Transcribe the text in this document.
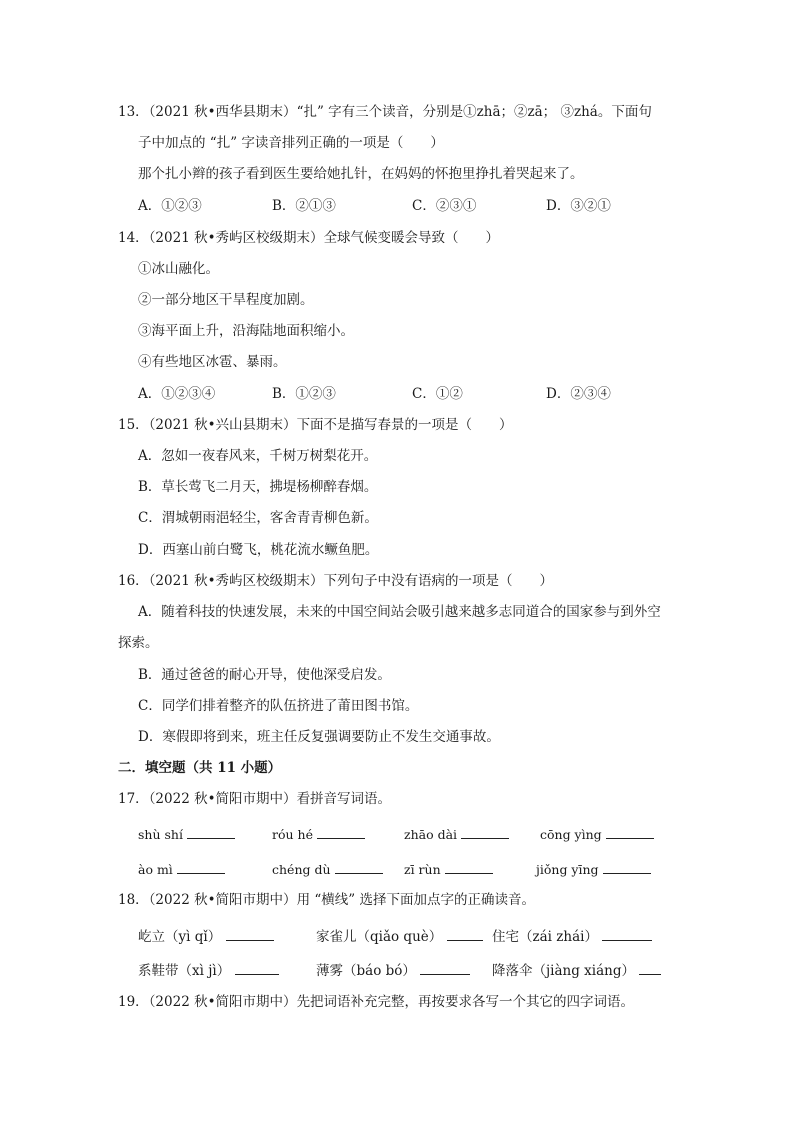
13．（2021 秋•西华县期末）“扎” 字有三个读音，分别是①zhā；②zā； ③zhá。下面句
子中加点的 “扎” 字读音排列正确的一项是（　　）
那个扎小辫的孩子看到医生要给她扎针，在妈妈的怀抱里挣扎着哭起来了。
A．①②③	B．②①③	C．②③①	D．③②①
14．（2021 秋•秀屿区校级期末）全球气候变暖会导致（　　）
①冰山融化。
②一部分地区干旱程度加剧。
③海平面上升，沿海陆地面积缩小。
④有些地区冰雹、暴雨。
A．①②③④	B．①②③	C．①②	D．②③④
15．（2021 秋•兴山县期末）下面不是描写春景的一项是（　　）
A．忽如一夜春风来，千树万树梨花开。
B．草长莺飞二月天，拂堤杨柳醉春烟。
C．渭城朝雨浥轻尘，客舍青青柳色新。
D．西塞山前白鹭飞，桃花流水鳜鱼肥。
16．（2021 秋•秀屿区校级期末）下列句子中没有语病的一项是（　　）
A．随着科技的快速发展，未来的中国空间站会吸引越来越多志同道合的国家参与到外空
探索。
B．通过爸爸的耐心开导，使他深受启发。
C．同学们排着整齐的队伍挤进了莆田图书馆。
D．寒假即将到来，班主任反复强调要防止不发生交通事故。
二．填空题（共 11 小题）
17．（2022 秋•简阳市期中）看拼音写词语。
shù shí	róu hé	zhāo dài	cōng yìng
ào mì	chéng dù	zī rùn	jiǒng yīng
18．（2022 秋•简阳市期中）用 “横线” 选择下面加点字的正确读音。
屹立（yì qǐ）	家雀儿（qiǎo què）	住宅（zái zhái）
系鞋带（xì jì）	薄雾（báo bó）	降落伞（jiàng xiáng）
19．（2022 秋•简阳市期中）先把词语补充完整，再按要求各写一个其它的四字词语。
